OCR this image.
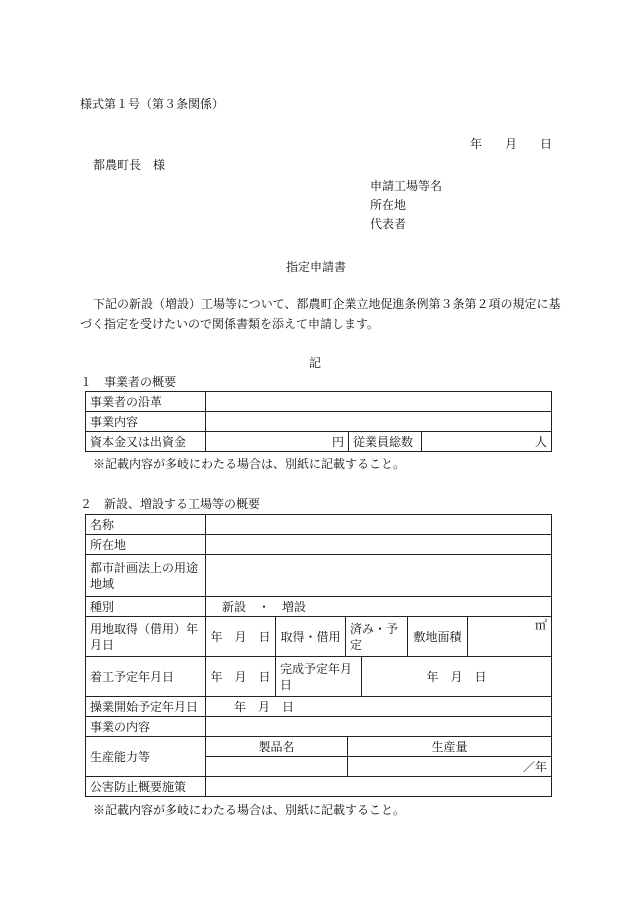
様式第１号（第３条関係）
年 月 日
都農町長　様
申請工場等名
所在地
代表者
指定申請書
下記の新設（増設）工場等について、都農町企業立地促進条例第３条第２項の規定に基
づく指定を受けたいので関係書類を添えて申請します。
記
１　事業者の概要
事業者の沿革	
事業内容	
資本金又は出資金	円	従業員総数	人
※記載内容が多岐にわたる場合は、別紙に記載すること。
２　新設、増設する工場等の概要
名称	
所在地	
都市計画法上の用途地域	
種別	新設　・　増設
用地取得（借用）年月日	年　月　日	取得・借用	済み・予定	敷地面積	㎡
着工予定年月日	年　月　日	完成予定年月日	年　月　日
操業開始予定年月日	年　月　日	
事業の内容		
生産能力等	製品名	生産量
		／年
公害防止概要施策		
※記載内容が多岐にわたる場合は、別紙に記載すること。
